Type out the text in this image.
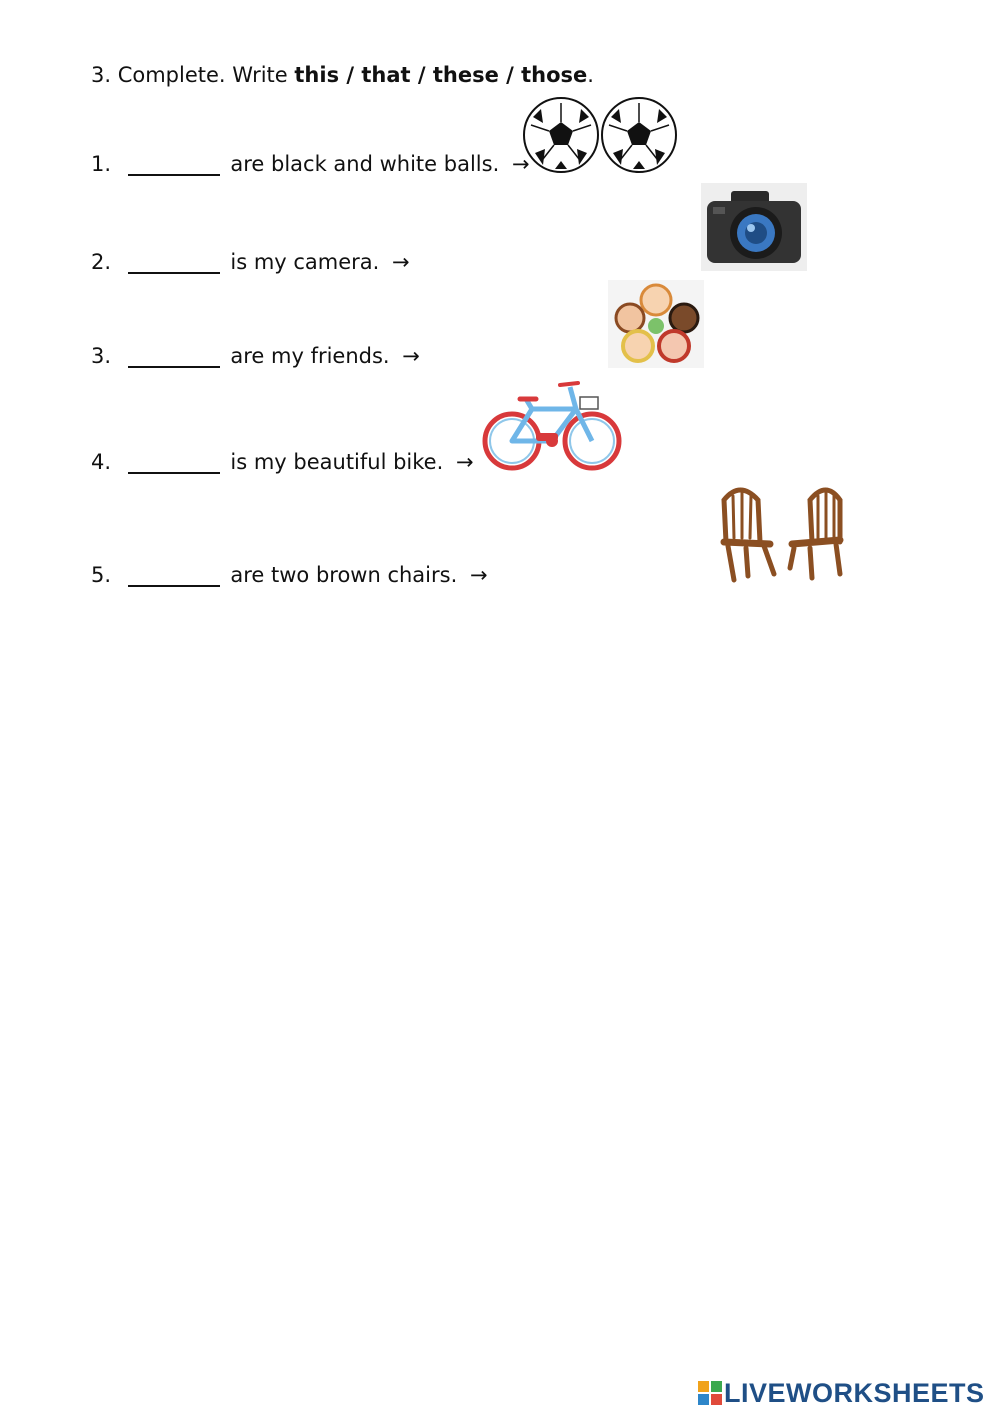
3. Complete. Write this / that / these / those.
1.	are black and white balls. →
2.	is my camera. →
3.	are my friends. →
4.	is my beautiful bike. →
5.	are two brown chairs. →
LIVEWORKSHEETS
